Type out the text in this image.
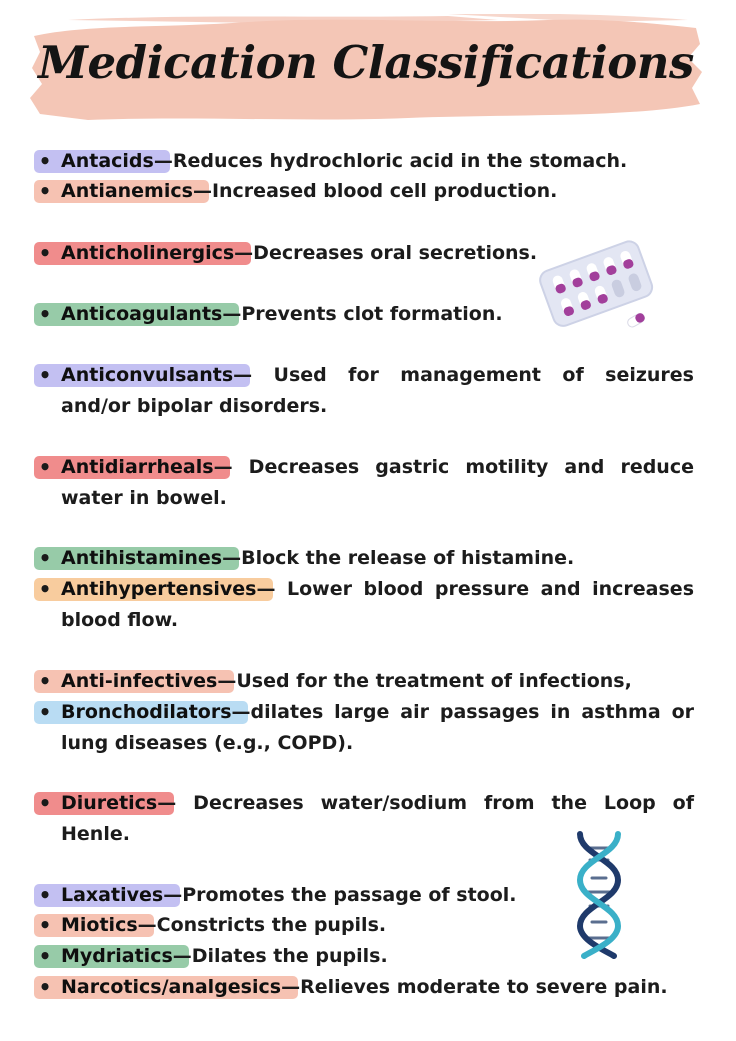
Medication Classifications
• Antacids—Reduces hydrochloric acid in the stomach.
• Antianemics—Increased blood cell production.
• Anticholinergics—Decreases oral secretions.
• Anticoagulants—Prevents clot formation.
• Anticonvulsants— Used for management of seizures and/or bipolar disorders.
• Antidiarrheals— Decreases gastric motility and reduce water in bowel.
• Antihistamines—Block the release of histamine.
• Antihypertensives— Lower blood pressure and increases blood flow.
• Anti-infectives—Used for the treatment of infections,
• Bronchodilators—dilates large air passages in asthma or lung diseases (e.g., COPD).
• Diuretics— Decreases water/sodium from the Loop of Henle.
• Laxatives—Promotes the passage of stool.
• Miotics—Constricts the pupils.
• Mydriatics—Dilates the pupils.
• Narcotics/analgesics—Relieves moderate to severe pain.
